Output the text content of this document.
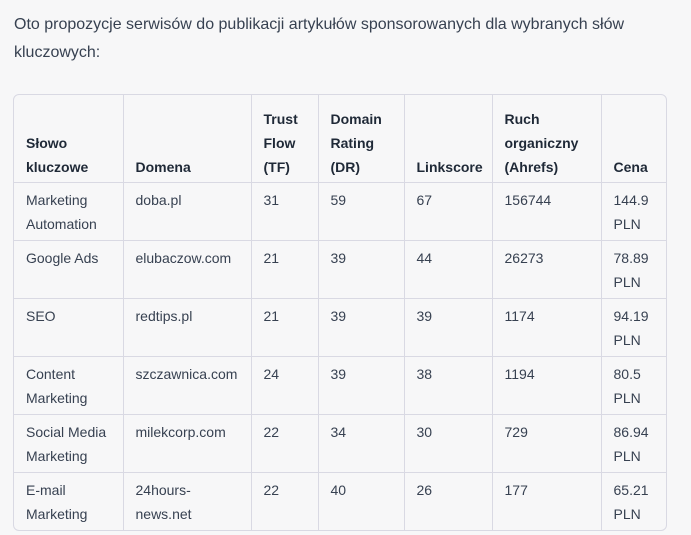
Oto propozycje serwisów do publikacji artykułów sponsorowanych dla wybranych słów kluczowych:

Słowo kluczowe	Domena	Trust Flow (TF)	Domain Rating (DR)	Linkscore	Ruch organiczny (Ahrefs)	Cena
Marketing Automation	doba.pl	31	59	67	156744	144.9 PLN
Google Ads	elubaczow.com	21	39	44	26273	78.89 PLN
SEO	redtips.pl	21	39	39	1174	94.19 PLN
Content Marketing	szczawnica.com	24	39	38	1194	80.5 PLN
Social Media Marketing	milekcorp.com	22	34	30	729	86.94 PLN
E-mail Marketing	24hours-news.net	22	40	26	177	65.21 PLN
